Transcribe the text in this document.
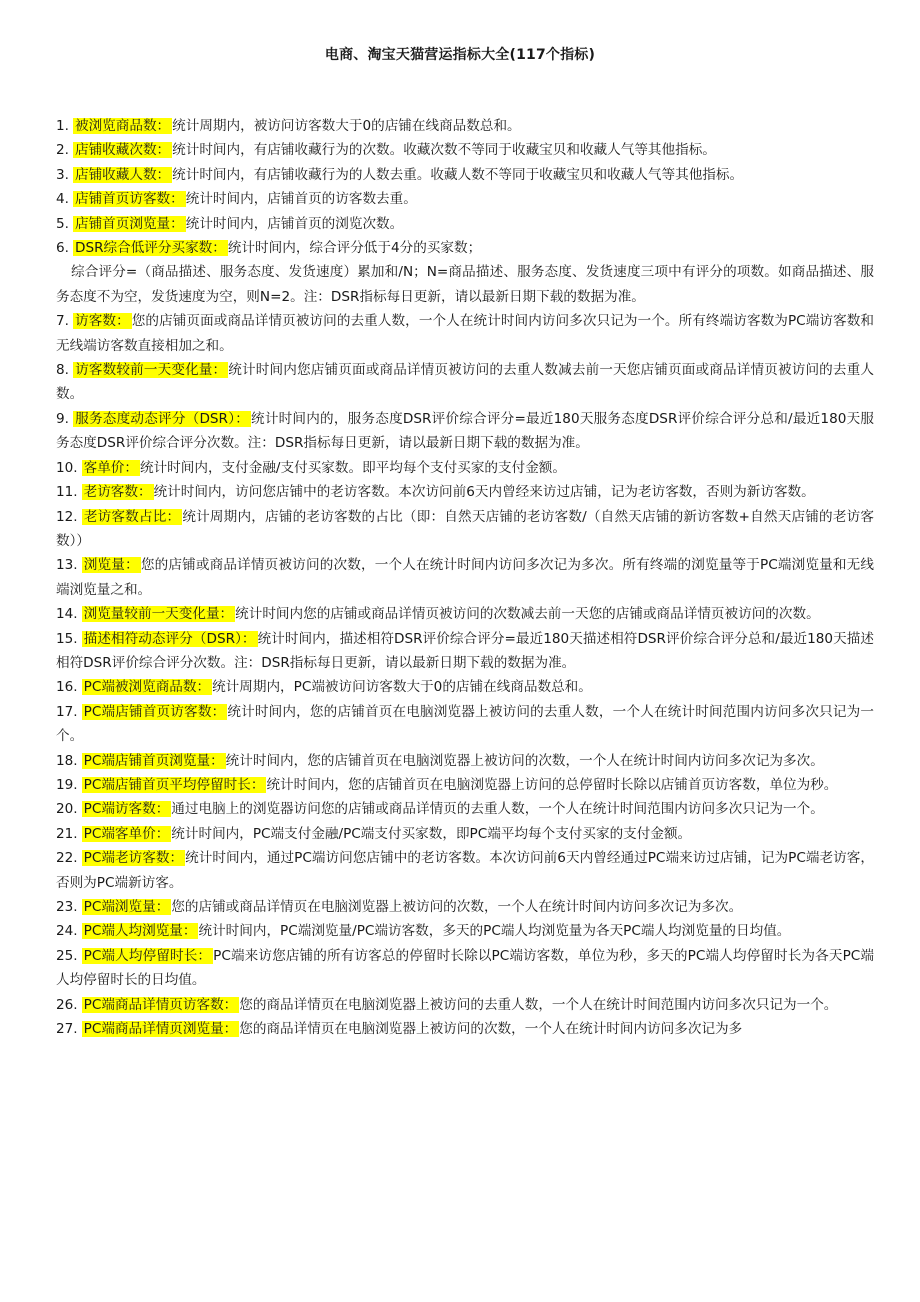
电商、淘宝天猫营运指标大全(117个指标)

1. 被浏览商品数： 统计周期内，被访问访客数大于0的店铺在线商品数总和。

2. 店铺收藏次数： 统计时间内，有店铺收藏行为的次数。收藏次数不等同于收藏宝贝和收藏人气等其他指标。

3. 店铺收藏人数： 统计时间内，有店铺收藏行为的人数去重。收藏人数不等同于收藏宝贝和收藏人气等其他指标。

4. 店铺首页访客数： 统计时间内，店铺首页的访客数去重。

5. 店铺首页浏览量： 统计时间内，店铺首页的浏览次数。

6. DSR综合低评分买家数： 统计时间内，综合评分低于4分的买家数；

综合评分=（商品描述、服务态度、发货速度）累加和/N；N=商品描述、服务态度、发货速度三项中有评分的项数。如商品描述、服务态度不为空，发货速度为空，则N=2。注：DSR指标每日更新，请以最新日期下载的数据为准。

7. 访客数： 您的店铺页面或商品详情页被访问的去重人数，一个人在统计时间内访问多次只记为一个。所有终端访客数为PC端访客数和无线端访客数直接相加之和。

8. 访客数较前一天变化量： 统计时间内您店铺页面或商品详情页被访问的去重人数减去前一天您店铺页面或商品详情页被访问的去重人数。

9. 服务态度动态评分（DSR）： 统计时间内的，服务态度DSR评价综合评分=最近180天服务态度DSR评价综合评分总和/最近180天服务态度DSR评价综合评分次数。注：DSR指标每日更新，请以最新日期下载的数据为准。

10. 客单价： 统计时间内，支付金融/支付买家数。即平均每个支付买家的支付金额。

11. 老访客数： 统计时间内，访问您店铺中的老访客数。本次访问前6天内曾经来访过店铺，记为老访客数，否则为新访客数。

12. 老访客数占比： 统计周期内，店铺的老访客数的占比（即：自然天店铺的老访客数/（自然天店铺的新访客数+自然天店铺的老访客数））

13. 浏览量： 您的店铺或商品详情页被访问的次数，一个人在统计时间内访问多次记为多次。所有终端的浏览量等于PC端浏览量和无线端浏览量之和。

14. 浏览量较前一天变化量： 统计时间内您的店铺或商品详情页被访问的次数减去前一天您的店铺或商品详情页被访问的次数。

15. 描述相符动态评分（DSR）： 统计时间内，描述相符DSR评价综合评分=最近180天描述相符DSR评价综合评分总和/最近180天描述相符DSR评价综合评分次数。注：DSR指标每日更新，请以最新日期下载的数据为准。

16. PC端被浏览商品数： 统计周期内，PC端被访问访客数大于0的店铺在线商品数总和。

17. PC端店铺首页访客数： 统计时间内，您的店铺首页在电脑浏览器上被访问的去重人数，一个人在统计时间范围内访问多次只记为一个。

18. PC端店铺首页浏览量： 统计时间内，您的店铺首页在电脑浏览器上被访问的次数，一个人在统计时间内访问多次记为多次。

19. PC端店铺首页平均停留时长： 统计时间内，您的店铺首页在电脑浏览器上访问的总停留时长除以店铺首页访客数，单位为秒。

20. PC端访客数： 通过电脑上的浏览器访问您的店铺或商品详情页的去重人数，一个人在统计时间范围内访问多次只记为一个。

21. PC端客单价： 统计时间内，PC端支付金融/PC端支付买家数，即PC端平均每个支付买家的支付金额。

22. PC端老访客数： 统计时间内，通过PC端访问您店铺中的老访客数。本次访问前6天内曾经通过PC端来访过店铺，记为PC端老访客，否则为PC端新访客。

23. PC端浏览量： 您的店铺或商品详情页在电脑浏览器上被访问的次数，一个人在统计时间内访问多次记为多次。

24. PC端人均浏览量： 统计时间内，PC端浏览量/PC端访客数，多天的PC端人均浏览量为各天PC端人均浏览量的日均值。

25. PC端人均停留时长： PC端来访您店铺的所有访客总的停留时长除以PC端访客数，单位为秒，多天的PC端人均停留时长为各天PC端人均停留时长的日均值。

26. PC端商品详情页访客数： 您的商品详情页在电脑浏览器上被访问的去重人数，一个人在统计时间范围内访问多次只记为一个。

27. PC端商品详情页浏览量： 您的商品详情页在电脑浏览器上被访问的次数，一个人在统计时间内访问多次记为多
